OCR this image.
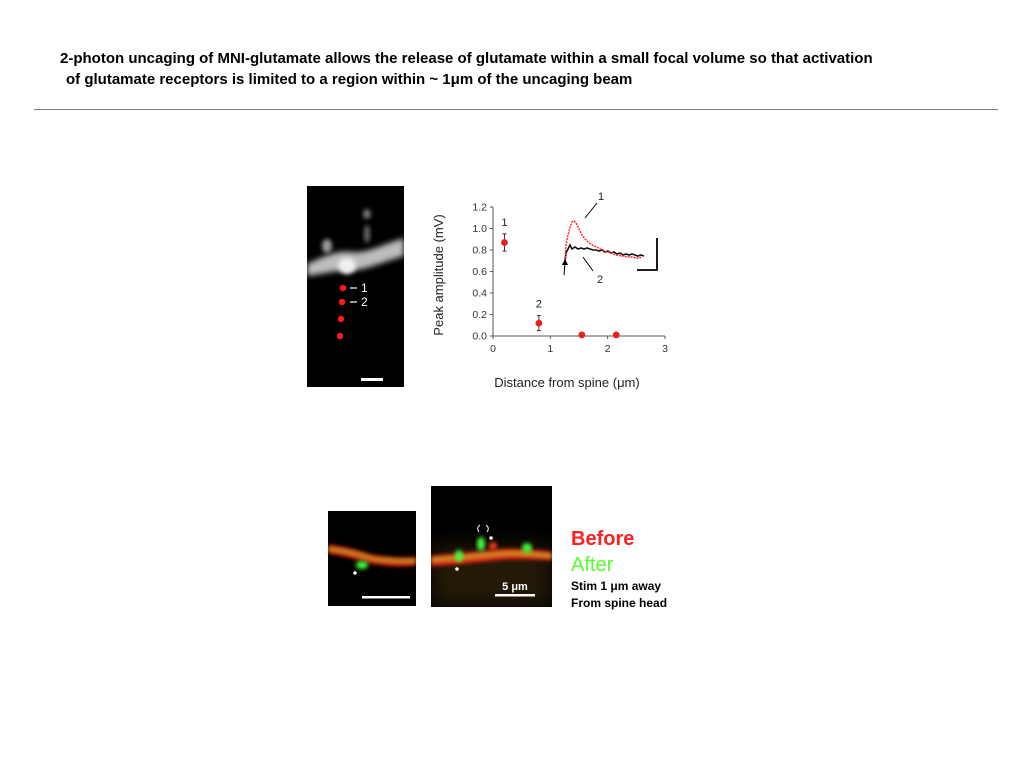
2-photon uncaging of MNI-glutamate allows the release of glutamate within a small focal volume so that activation
of glutamate receptors is limited to a region within ~ 1μm of the uncaging beam
1
2
0.0
0.2
0.4
0.6
0.8
1.0
1.2
0	1	2	3
1
2
Distance from spine (μm)
Peak amplitude (mV)
1
2
5 μm
Before
After
Stim 1 μm away
From spine head
